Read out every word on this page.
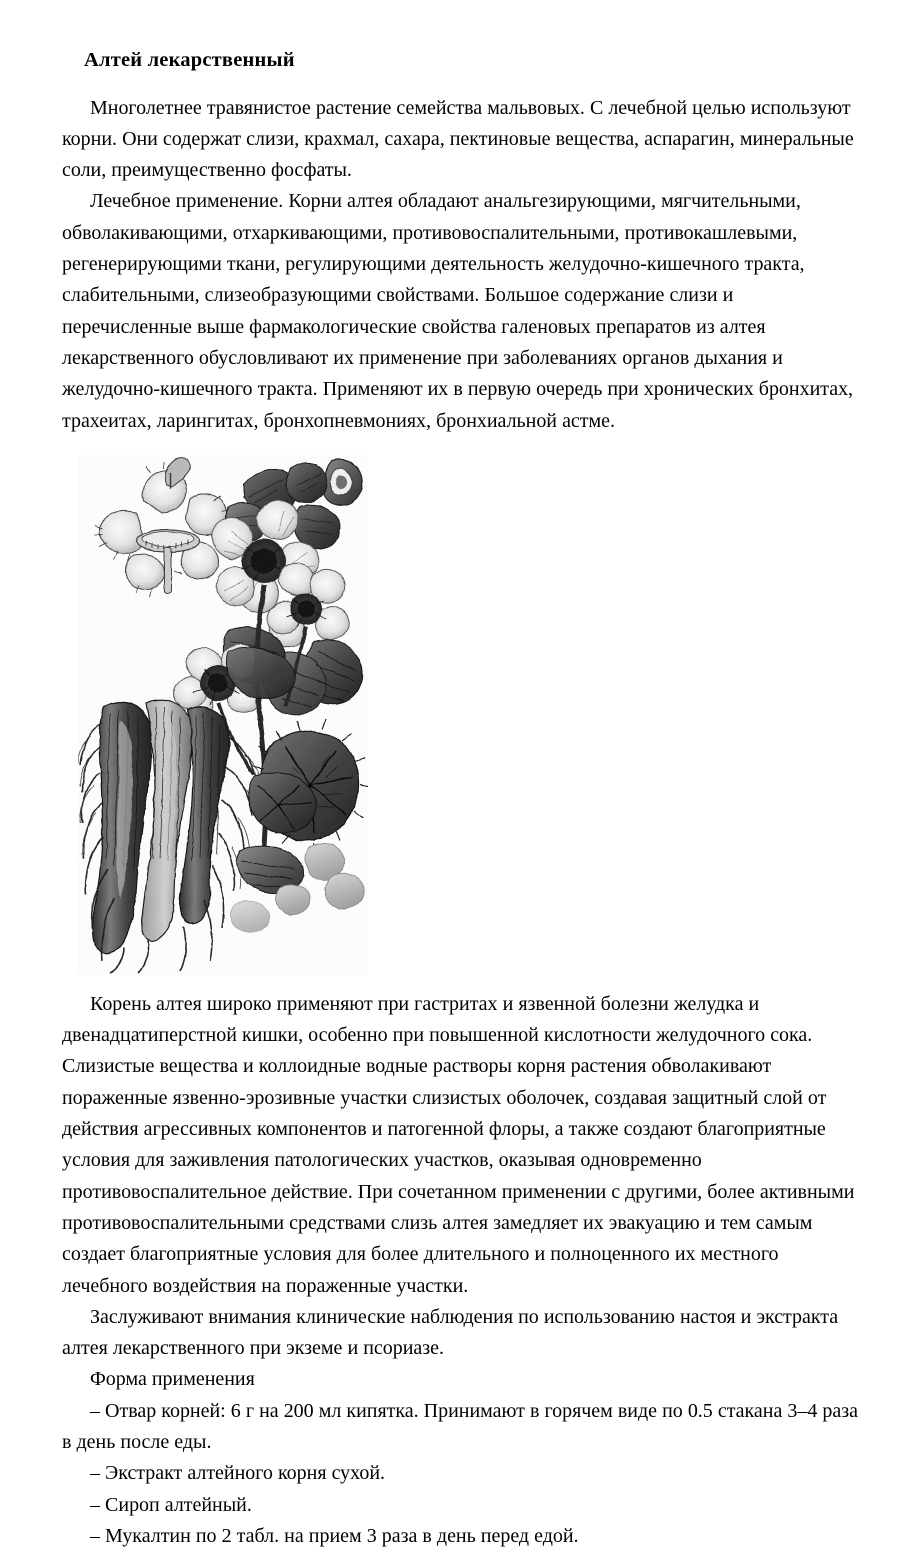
Алтей лекарственный

Многолетнее травянистое растение семейства мальвовых. С лечебной целью используют корни. Они содержат слизи, крахмал, сахара, пектиновые вещества, аспарагин, минеральные соли, преимущественно фосфаты.

Лечебное применение. Корни алтея обладают анальгезирующими, мягчительными, обволакивающими, отхаркивающими, противовоспалительными, противокашлевыми, регенерирующими ткани, регулирующими деятельность желудочно-кишечного тракта, слабительными, слизеобразующими свойствами. Большое содержание слизи и перечисленные выше фармакологические свойства галеновых препаратов из алтея лекарственного обусловливают их применение при заболеваниях органов дыхания и желудочно-кишечного тракта. Применяют их в первую очередь при хронических бронхитах, трахеитах, ларингитах, бронхопневмониях, бронхиальной астме.

Корень алтея широко применяют при гастритах и язвенной болезни желудка и двенадцатиперстной кишки, особенно при повышенной кислотности желудочного сока. Слизистые вещества и коллоидные водные растворы корня растения обволакивают пораженные язвенно-эрозивные участки слизистых оболочек, создавая защитный слой от действия агрессивных компонентов и патогенной флоры, а также создают благоприятные условия для заживления патологических участков, оказывая одновременно противовоспалительное действие. При сочетанном применении с другими, более активными противовоспалительными средствами слизь алтея замедляет их эвакуацию и тем самым создает благоприятные условия для более длительного и полноценного их местного лечебного воздействия на пораженные участки.

Заслуживают внимания клинические наблюдения по использованию настоя и экстракта алтея лекарственного при экземе и псориазе.

Форма применения

– Отвар корней: 6 г на 200 мл кипятка. Принимают в горячем виде по 0.5 стакана 3–4 раза в день после еды.

– Экстракт алтейного корня сухой.

– Сироп алтейный.

– Мукалтин по 2 табл. на прием 3 раза в день перед едой.
